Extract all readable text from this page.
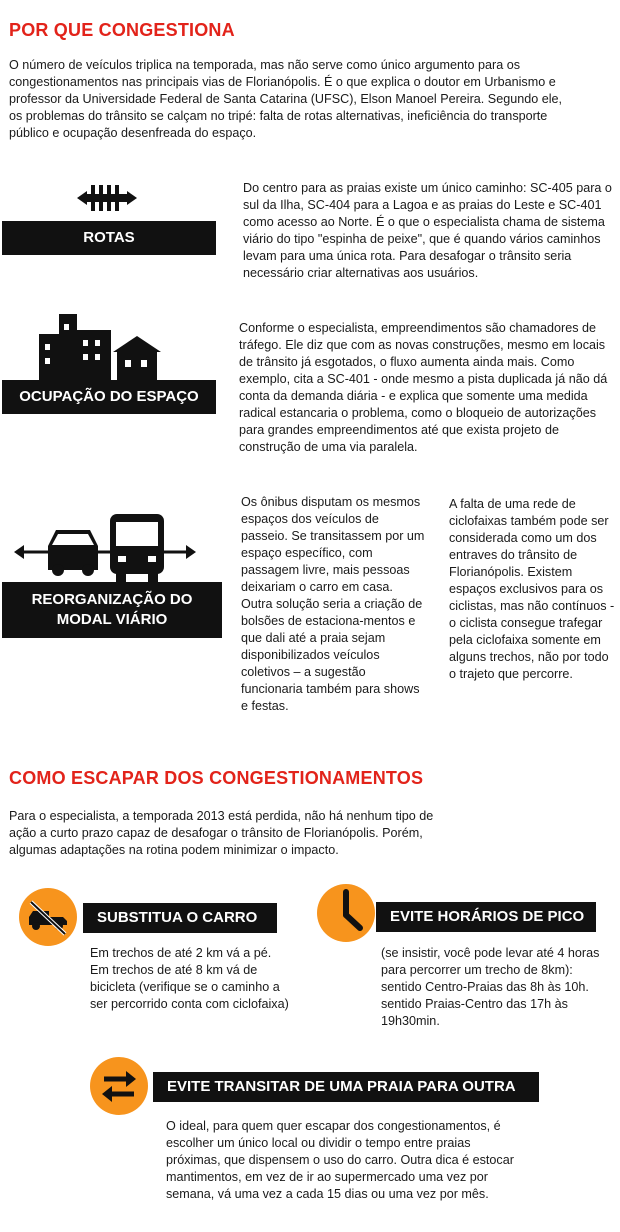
POR QUE CONGESTIONA
O número de veículos triplica na temporada, mas não serve como único argumento para os congestionamentos nas principais vias de Florianópolis. É o que explica o doutor em Urbanismo e professor da Universidade Federal de Santa Catarina (UFSC), Elson Manoel Pereira. Segundo ele, os problemas do trânsito se calçam no tripé: falta de rotas alternativas, ineficiência do transporte público e ocupação desenfreada do espaço.
ROTAS
Do centro para as praias existe um único caminho: SC-405 para o sul da Ilha, SC-404 para a Lagoa e as praias do Leste e SC-401 como acesso ao Norte. É o que o especialista chama de sistema viário do tipo "espinha de peixe", que é quando vários caminhos levam para uma única rota. Para desafogar o trânsito seria necessário criar alternativas aos usuários.
OCUPAÇÃO DO ESPAÇO
Conforme o especialista, empreendimentos são chamadores de tráfego. Ele diz que com as novas construções, mesmo em locais de trânsito já esgotados, o fluxo aumenta ainda mais. Como exemplo, cita a SC-401 - onde mesmo a pista duplicada já não dá conta da demanda diária - e explica que somente uma medida radical estancaria o problema, como o bloqueio de autorizações para grandes empreendimentos até que exista projeto de construção de uma via paralela.
REORGANIZAÇÃO DO
MODAL VIÁRIO
Os ônibus disputam os mesmos espaços dos veículos de passeio. Se transitassem por um espaço específico, com passagem livre, mais pessoas deixariam o carro em casa. Outra solução seria a criação de bolsões de estaciona-mentos e que dali até a praia sejam disponibilizados veículos coletivos – a sugestão funcionaria também para shows e festas.
A falta de uma rede de ciclofaixas também pode ser considerada como um dos entraves do trânsito de Florianópolis. Existem espaços exclusivos para os ciclistas, mas não contínuos - o ciclista consegue trafegar pela ciclofaixa somente em alguns trechos, não por todo o trajeto que percorre.
COMO ESCAPAR DOS CONGESTIONAMENTOS
Para o especialista, a temporada 2013 está perdida, não há nenhum tipo de ação a curto prazo capaz de desafogar o trânsito de Florianópolis. Porém, algumas adaptações na rotina podem minimizar o impacto.
SUBSTITUA O CARRO
Em trechos de até 2 km vá a pé. Em trechos de até 8 km vá de bicicleta (verifique se o caminho a ser percorrido conta com ciclofaixa)
EVITE HORÁRIOS DE PICO
(se insistir, você pode levar até 4 horas para percorrer um trecho de 8km): sentido Centro-Praias das 8h às 10h. sentido Praias-Centro das 17h às 19h30min.
EVITE TRANSITAR DE UMA PRAIA PARA OUTRA
O ideal, para quem quer escapar dos congestionamentos, é escolher um único local ou dividir o tempo entre praias próximas, que dispensem o uso do carro. Outra dica é estocar mantimentos, em vez de ir ao supermercado uma vez por semana, vá uma vez a cada 15 dias ou uma vez por mês.
